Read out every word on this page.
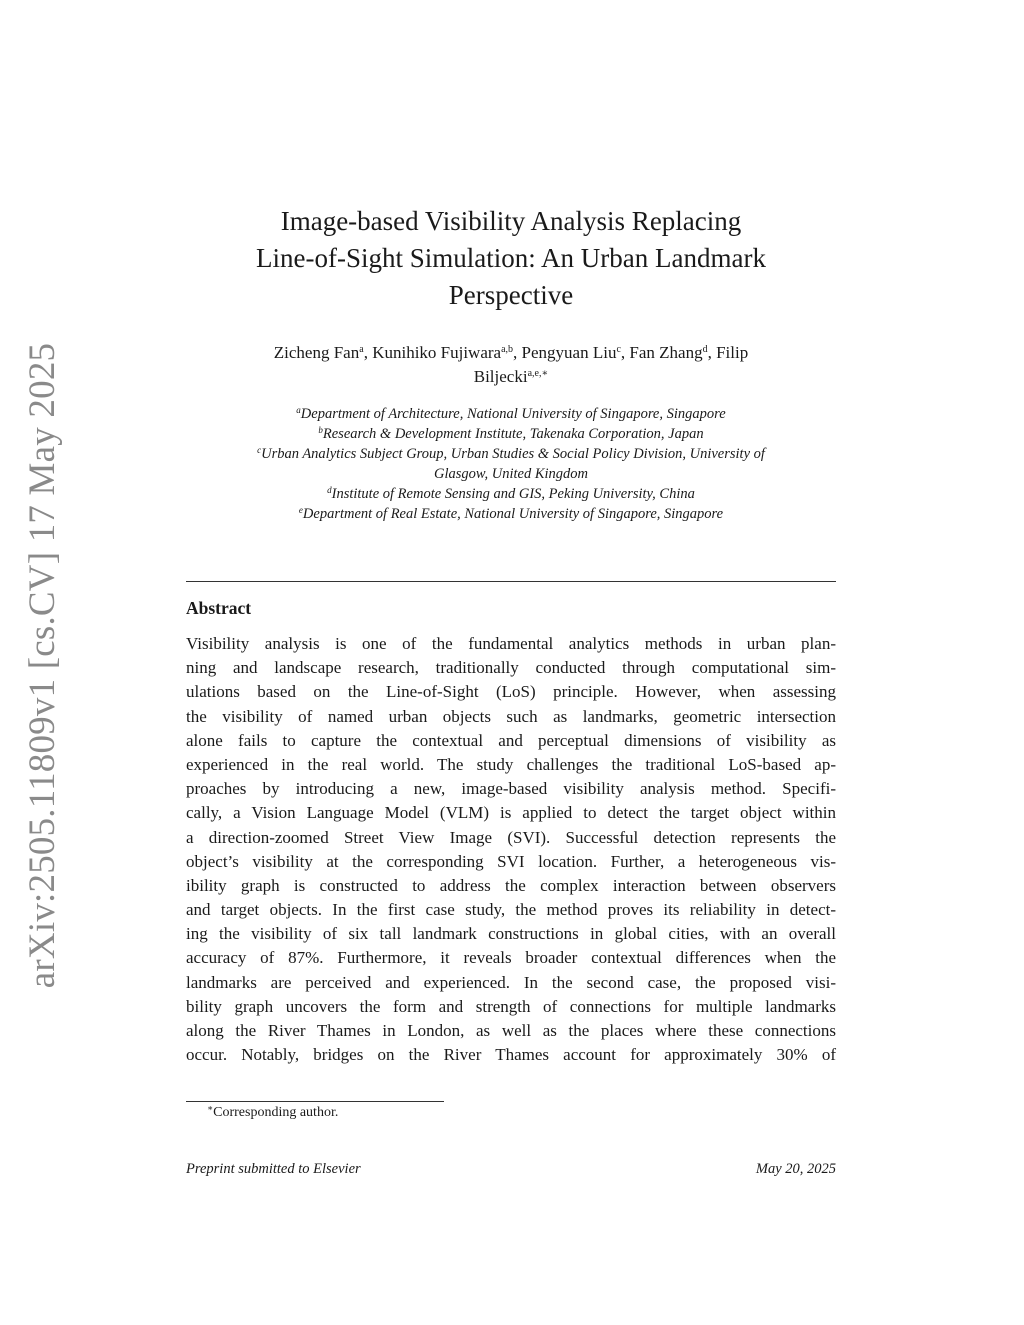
arXiv:2505.11809v1 [cs.CV] 17 May 2025
Image-based Visibility Analysis Replacing
Line-of-Sight Simulation: An Urban Landmark
Perspective
Zicheng Fan$^a$, Kunihiko Fujiwara$^{a,b}$, Pengyuan Liu$^c$, Fan Zhang$^d$, Filip
Biljecki$^{a,e,∗}$
$^a$Department of Architecture, National University of Singapore, Singapore
$^b$Research & Development Institute, Takenaka Corporation, Japan
$^c$Urban Analytics Subject Group, Urban Studies & Social Policy Division, University of
Glasgow, United Kingdom
$^d$Institute of Remote Sensing and GIS, Peking University, China
$^e$Department of Real Estate, National University of Singapore, Singapore
Abstract
Visibility analysis is one of the fundamental analytics methods in urban plan-
ning and landscape research, traditionally conducted through computational sim-
ulations based on the Line-of-Sight (LoS) principle. However, when assessing
the visibility of named urban objects such as landmarks, geometric intersection
alone fails to capture the contextual and perceptual dimensions of visibility as
experienced in the real world. The study challenges the traditional LoS-based ap-
proaches by introducing a new, image-based visibility analysis method. Specifi-
cally, a Vision Language Model (VLM) is applied to detect the target object within
a direction-zoomed Street View Image (SVI). Successful detection represents the
object’s visibility at the corresponding SVI location. Further, a heterogeneous vis-
ibility graph is constructed to address the complex interaction between observers
and target objects. In the first case study, the method proves its reliability in detect-
ing the visibility of six tall landmark constructions in global cities, with an overall
accuracy of 87%. Furthermore, it reveals broader contextual differences when the
landmarks are perceived and experienced. In the second case, the proposed visi-
bility graph uncovers the form and strength of connections for multiple landmarks
along the River Thames in London, as well as the places where these connections
occur. Notably, bridges on the River Thames account for approximately 30% of
∗Corresponding author.
Preprint submitted to Elsevier	May 20, 2025
